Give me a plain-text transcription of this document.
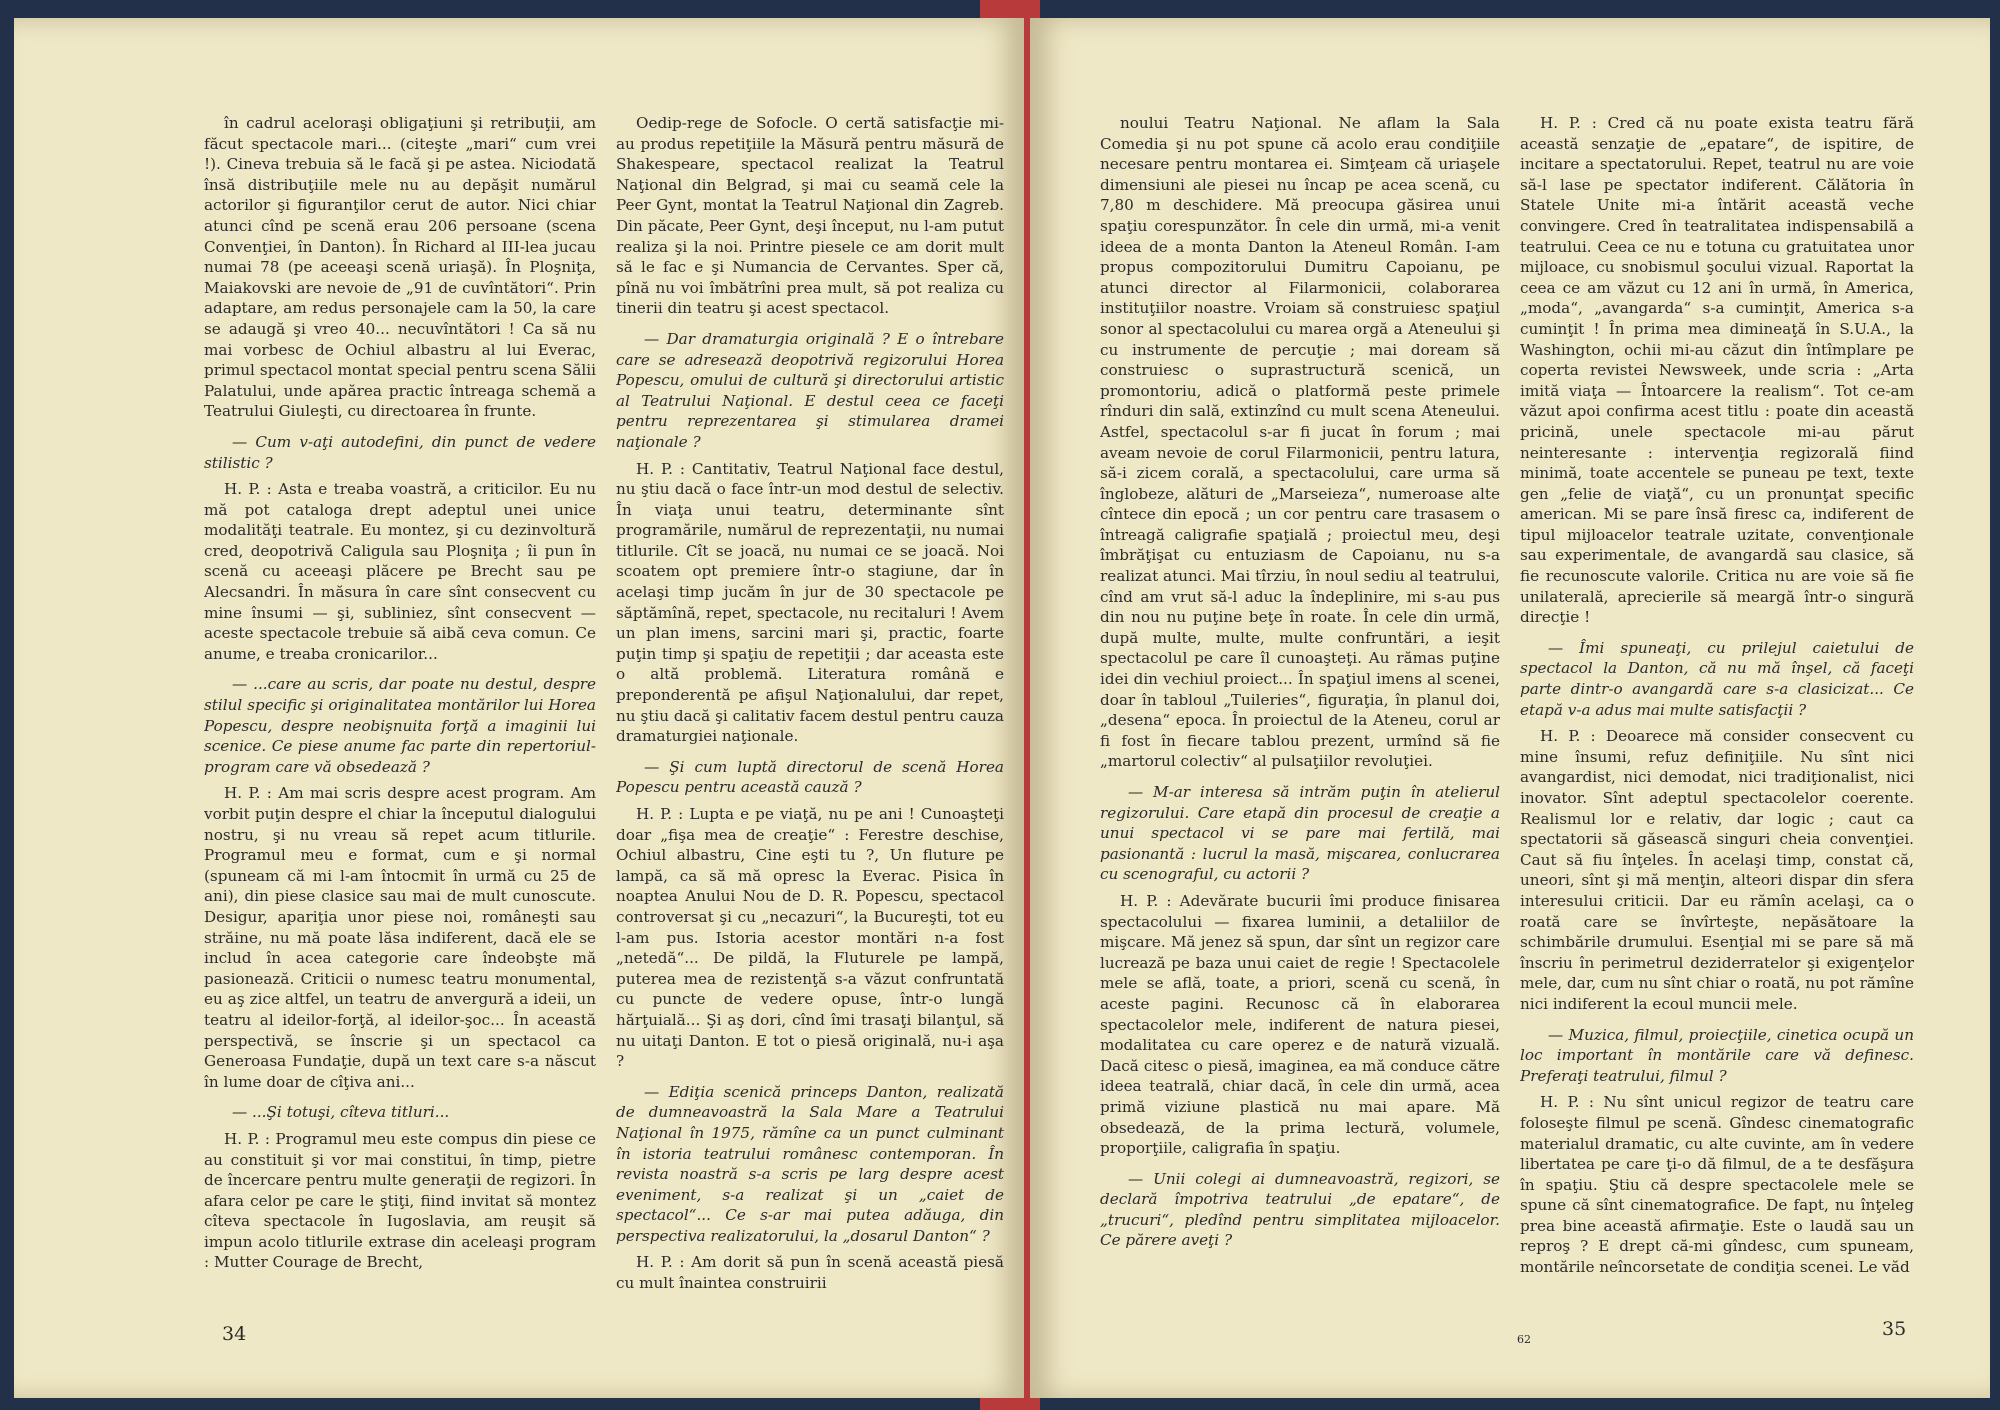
în cadrul aceloraşi obligaţiuni şi retribuţii, am făcut spectacole mari... (citeşte „mari“ cum vrei !). Cineva trebuia să le facă şi pe astea. Niciodată însă distribuţiile mele nu au depăşit numărul actorilor şi figuranţilor cerut de autor. Nici chiar atunci cînd pe scenă erau 206 persoane (scena Convenţiei, în Danton). În Richard al III-lea jucau numai 78 (pe aceeaşi scenă uriaşă). În Ploşniţa, Maiakovski are nevoie de „91 de cuvîntători“. Prin adaptare, am redus personajele cam la 50, la care se adaugă şi vreo 40... necuvîntători ! Ca să nu mai vorbesc de Ochiul albastru al lui Everac, primul spectacol montat special pentru scena Sălii Palatului, unde apărea practic întreaga schemă a Teatrului Giuleşti, cu directoarea în frunte.

— Cum v-aţi autodefini, din punct de vedere stilistic ?

H. P. : Asta e treaba voastră, a criticilor. Eu nu mă pot cataloga drept adeptul unei unice modalităţi teatrale. Eu montez, şi cu dezinvoltură cred, deopotrivă Caligula sau Ploşniţa ; îi pun în scenă cu aceeaşi plăcere pe Brecht sau pe Alecsandri. În măsura în care sînt consecvent cu mine însumi — şi, subliniez, sînt consecvent — aceste spectacole trebuie să aibă ceva comun. Ce anume, e treaba cronicarilor...

— ...care au scris, dar poate nu destul, despre stilul specific şi originalitatea montărilor lui Horea Popescu, despre neobişnuita forţă a imaginii lui scenice. Ce piese anume fac parte din repertoriul-program care vă obsedează ?

H. P. : Am mai scris despre acest program. Am vorbit puţin despre el chiar la începutul dialogului nostru, şi nu vreau să repet acum titlurile. Programul meu e format, cum e şi normal (spuneam că mi l-am întocmit în urmă cu 25 de ani), din piese clasice sau mai de mult cunoscute. Desigur, apariţia unor piese noi, româneşti sau străine, nu mă poate lăsa indiferent, dacă ele se includ în acea categorie care îndeobşte mă pasionează. Criticii o numesc teatru monumental, eu aş zice altfel, un teatru de anvergură a ideii, un teatru al ideilor-forţă, al ideilor-şoc... În această perspectivă, se înscrie şi un spectacol ca Generoasa Fundaţie, după un text care s-a născut în lume doar de cîţiva ani...

— ...Şi totuşi, cîteva titluri...

H. P. : Programul meu este compus din piese ce au constituit şi vor mai constitui, în timp, pietre de încercare pentru multe generaţii de regizori. În afara celor pe care le ştiţi, fiind invitat să montez cîteva spectacole în Iugoslavia, am reuşit să impun acolo titlurile extrase din aceleaşi program : Mutter Courage de Brecht,

Oedip-rege de Sofocle. O certă satisfacţie mi-au produs repetiţiile la Măsură pentru măsură de Shakespeare, spectacol realizat la Teatrul Naţional din Belgrad, şi mai cu seamă cele la Peer Gynt, montat la Teatrul Naţional din Zagreb. Din păcate, Peer Gynt, deşi început, nu l-am putut realiza şi la noi. Printre piesele ce am dorit mult să le fac e şi Numancia de Cervantes. Sper că, pînă nu voi îmbătrîni prea mult, să pot realiza cu tinerii din teatru şi acest spectacol.

— Dar dramaturgia originală ? E o întrebare care se adresează deopotrivă regizorului Horea Popescu, omului de cultură şi directorului artistic al Teatrului Naţional. E destul ceea ce faceţi pentru reprezentarea şi stimularea dramei naţionale ?

H. P. : Cantitativ, Teatrul Naţional face destul, nu ştiu dacă o face într-un mod destul de selectiv. În viaţa unui teatru, determinante sînt programările, numărul de reprezentaţii, nu numai titlurile. Cît se joacă, nu numai ce se joacă. Noi scoatem opt premiere într-o stagiune, dar în acelaşi timp jucăm în jur de 30 spectacole pe săptămînă, repet, spectacole, nu recitaluri ! Avem un plan imens, sarcini mari şi, practic, foarte puţin timp şi spaţiu de repetiţii ; dar aceasta este o altă problemă. Literatura română e preponderentă pe afişul Naţionalului, dar repet, nu ştiu dacă şi calitativ facem destul pentru cauza dramaturgiei naţionale.

— Şi cum luptă directorul de scenă Horea Popescu pentru această cauză ?

H. P. : Lupta e pe viaţă, nu pe ani ! Cunoaşteţi doar „fişa mea de creaţie“ : Ferestre deschise, Ochiul albastru, Cine eşti tu ?, Un fluture pe lampă, ca să mă opresc la Everac. Pisica în noaptea Anului Nou de D. R. Popescu, spectacol controversat şi cu „necazuri“, la Bucureşti, tot eu l-am pus. Istoria acestor montări n-a fost „netedă“... De pildă, la Fluturele pe lampă, puterea mea de rezistenţă s-a văzut confruntată cu puncte de vedere opuse, într-o lungă hărţuială... Şi aş dori, cînd îmi trasaţi bilanţul, să nu uitaţi Danton. E tot o piesă originală, nu-i aşa ?

— Ediţia scenică princeps Danton, realizată de dumneavoastră la Sala Mare a Teatrului Naţional în 1975, rămîne ca un punct culminant în istoria teatrului românesc contemporan. În revista noastră s-a scris pe larg despre acest eveniment, s-a realizat şi un „caiet de spectacol“... Ce s-ar mai putea adăuga, din perspectiva realizatorului, la „dosarul Danton“ ?

H. P. : Am dorit să pun în scenă această piesă cu mult înaintea construirii

34

noului Teatru Naţional. Ne aflam la Sala Comedia şi nu pot spune că acolo erau condiţiile necesare pentru montarea ei. Simţeam că uriaşele dimensiuni ale piesei nu încap pe acea scenă, cu 7,80 m deschidere. Mă preocupa găsirea unui spaţiu corespunzător. În cele din urmă, mi-a venit ideea de a monta Danton la Ateneul Român. I-am propus compozitorului Dumitru Capoianu, pe atunci director al Filarmonicii, colaborarea instituţiilor noastre. Vroiam să construiesc spaţiul sonor al spectacolului cu marea orgă a Ateneului şi cu instrumente de percuţie ; mai doream să construiesc o suprastructură scenică, un promontoriu, adică o platformă peste primele rînduri din sală, extinzînd cu mult scena Ateneului. Astfel, spectacolul s-ar fi jucat în forum ; mai aveam nevoie de corul Filarmonicii, pentru latura, să-i zicem corală, a spectacolului, care urma să înglobeze, alături de „Marseieza“, numeroase alte cîntece din epocă ; un cor pentru care trasasem o întreagă caligrafie spaţială ; proiectul meu, deşi îmbrăţişat cu entuziasm de Capoianu, nu s-a realizat atunci. Mai tîrziu, în noul sediu al teatrului, cînd am vrut să-l aduc la îndeplinire, mi s-au pus din nou nu puţine beţe în roate. În cele din urmă, după multe, multe, multe confruntări, a ieşit spectacolul pe care îl cunoaşteţi. Au rămas puţine idei din vechiul proiect... În spaţiul imens al scenei, doar în tabloul „Tuileries“, figuraţia, în planul doi, „desena“ epoca. În proiectul de la Ateneu, corul ar fi fost în fiecare tablou prezent, urmînd să fie „martorul colectiv“ al pulsaţiilor revoluţiei.

— M-ar interesa să intrăm puţin în atelierul regizorului. Care etapă din procesul de creaţie a unui spectacol vi se pare mai fertilă, mai pasionantă : lucrul la masă, mişcarea, conlucrarea cu scenograful, cu actorii ?

H. P. : Adevărate bucurii îmi produce finisarea spectacolului — fixarea luminii, a detaliilor de mişcare. Mă jenez să spun, dar sînt un regizor care lucrează pe baza unui caiet de regie ! Spectacolele mele se află, toate, a priori, scenă cu scenă, în aceste pagini. Recunosc că în elaborarea spectacolelor mele, indiferent de natura piesei, modalitatea cu care operez e de natură vizuală. Dacă citesc o piesă, imaginea, ea mă conduce către ideea teatrală, chiar dacă, în cele din urmă, acea primă viziune plastică nu mai apare. Mă obsedează, de la prima lectură, volumele, proporţiile, caligrafia în spaţiu.

— Unii colegi ai dumneavoastră, regizori, se declară împotriva teatrului „de epatare“, de „trucuri“, pledînd pentru simplitatea mijloacelor. Ce părere aveţi ?

H. P. : Cred că nu poate exista teatru fără această senzaţie de „epatare“, de ispitire, de incitare a spectatorului. Repet, teatrul nu are voie să-l lase pe spectator indiferent. Călătoria în Statele Unite mi-a întărit această veche convingere. Cred în teatralitatea indispensabilă a teatrului. Ceea ce nu e totuna cu gratuitatea unor mijloace, cu snobismul şocului vizual. Raportat la ceea ce am văzut cu 12 ani în urmă, în America, „moda“, „avangarda“ s-a cuminţit, America s-a cuminţit ! În prima mea dimineaţă în S.U.A., la Washington, ochii mi-au căzut din întîmplare pe coperta revistei Newsweek, unde scria : „Arta imită viaţa — Întoarcere la realism“. Tot ce-am văzut apoi confirma acest titlu : poate din această pricină, unele spectacole mi-au părut neinteresante : intervenţia regizorală fiind minimă, toate accentele se puneau pe text, texte gen „felie de viaţă“, cu un pronunţat specific american. Mi se pare însă firesc ca, indiferent de tipul mijloacelor teatrale uzitate, convenţionale sau experimentale, de avangardă sau clasice, să fie recunoscute valorile. Critica nu are voie să fie unilaterală, aprecierile să meargă într-o singură direcţie !

— Îmi spuneaţi, cu prilejul caietului de spectacol la Danton, că nu mă înşel, că faceţi parte dintr-o avangardă care s-a clasicizat... Ce etapă v-a adus mai multe satisfacţii ?

H. P. : Deoarece mă consider consecvent cu mine însumi, refuz definiţiile. Nu sînt nici avangardist, nici demodat, nici tradiţionalist, nici inovator. Sînt adeptul spectacolelor coerente. Realismul lor e relativ, dar logic ; caut ca spectatorii să găsească singuri cheia convenţiei. Caut să fiu înţeles. În acelaşi timp, constat că, uneori, sînt şi mă menţin, alteori dispar din sfera interesului criticii. Dar eu rămîn acelaşi, ca o roată care se învîrteşte, nepăsătoare la schimbările drumului. Esenţial mi se pare să mă înscriu în perimetrul deziderratelor şi exigenţelor mele, dar, cum nu sînt chiar o roată, nu pot rămîne nici indiferent la ecoul muncii mele.

— Muzica, filmul, proiecţiile, cinetica ocupă un loc important în montările care vă definesc. Preferaţi teatrului, filmul ?

H. P. : Nu sînt unicul regizor de teatru care foloseşte filmul pe scenă. Gîndesc cinematografic materialul dramatic, cu alte cuvinte, am în vedere libertatea pe care ţi-o dă filmul, de a te desfăşura în spaţiu. Ştiu că despre spectacolele mele se spune că sînt cinematografice. De fapt, nu înţeleg prea bine această afirmaţie. Este o laudă sau un reproş ? E drept că-mi gîndesc, cum spuneam, montările neîncorsetate de condiţia scenei. Le văd

62	35
